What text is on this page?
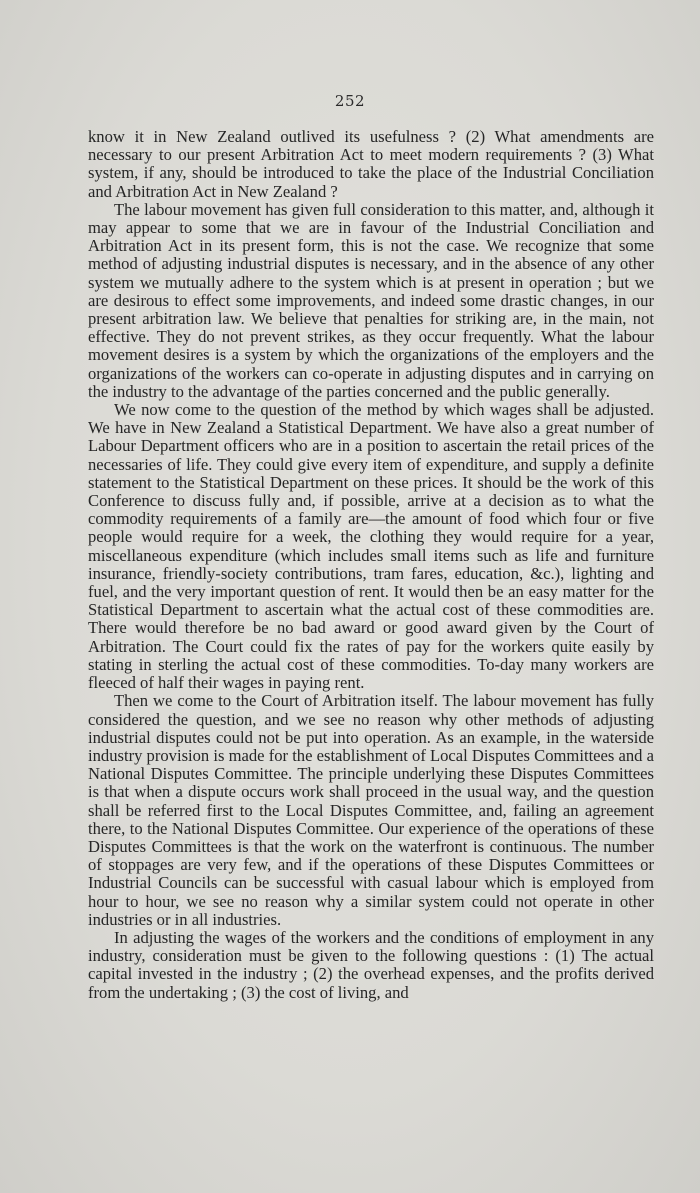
252

know it in New Zealand outlived its usefulness ? (2) What amendments are necessary to our present Arbitration Act to meet modern requirements ? (3) What system, if any, should be introduced to take the place of the Industrial Conciliation and Arbitration Act in New Zealand ?

The labour movement has given full consideration to this matter, and, although it may appear to some that we are in favour of the Industrial Conciliation and Arbitration Act in its present form, this is not the case. We recognize that some method of adjusting industrial disputes is necessary, and in the absence of any other system we mutually adhere to the system which is at present in operation ; but we are desirous to effect some improvements, and indeed some drastic changes, in our present arbitration law. We believe that penalties for striking are, in the main, not effective. They do not prevent strikes, as they occur frequently. What the labour movement desires is a system by which the organizations of the employers and the organizations of the workers can co-operate in adjusting disputes and in carrying on the industry to the advantage of the parties concerned and the public generally.

We now come to the question of the method by which wages shall be adjusted. We have in New Zealand a Statistical Department. We have also a great number of Labour Department officers who are in a position to ascertain the retail prices of the necessaries of life. They could give every item of expenditure, and supply a definite statement to the Statistical Department on these prices. It should be the work of this Conference to discuss fully and, if possible, arrive at a decision as to what the commodity requirements of a family are—the amount of food which four or five people would require for a week, the clothing they would require for a year, miscellaneous expenditure (which includes small items such as life and furniture insurance, friendly-society contributions, tram fares, education, &c.), lighting and fuel, and the very important question of rent. It would then be an easy matter for the Statistical Department to ascertain what the actual cost of these commodities are. There would therefore be no bad award or good award given by the Court of Arbitration. The Court could fix the rates of pay for the workers quite easily by stating in sterling the actual cost of these commodities. To-day many workers are fleeced of half their wages in paying rent.

Then we come to the Court of Arbitration itself. The labour movement has fully considered the question, and we see no reason why other methods of adjusting industrial disputes could not be put into operation. As an example, in the waterside industry provision is made for the establishment of Local Disputes Committees and a National Disputes Committee. The principle underlying these Disputes Committees is that when a dispute occurs work shall proceed in the usual way, and the question shall be referred first to the Local Disputes Committee, and, failing an agreement there, to the National Disputes Committee. Our experience of the operations of these Disputes Committees is that the work on the waterfront is continuous. The number of stoppages are very few, and if the operations of these Disputes Committees or Industrial Councils can be successful with casual labour which is employed from hour to hour, we see no reason why a similar system could not operate in other industries or in all industries.

In adjusting the wages of the workers and the conditions of employment in any industry, consideration must be given to the following questions : (1) The actual capital invested in the industry ; (2) the overhead expenses, and the profits derived from the undertaking ; (3) the cost of living, and
